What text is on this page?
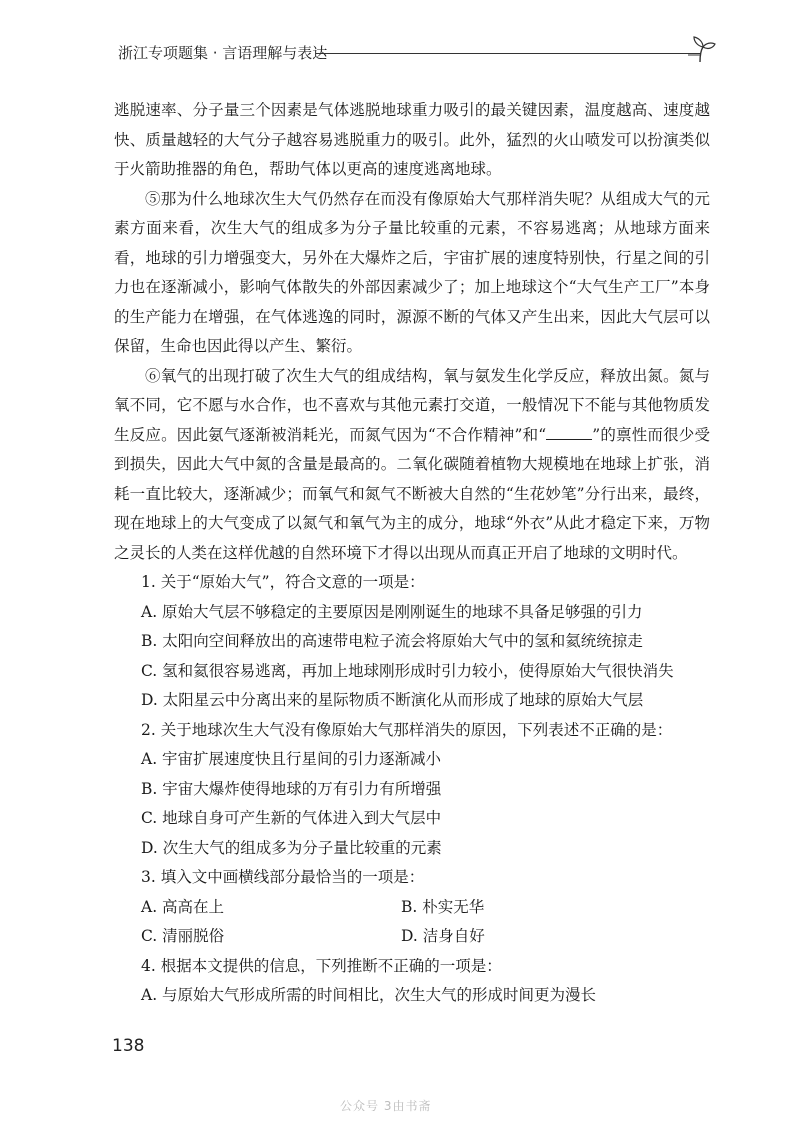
浙江专项题集 · 言语理解与表达

逃脱速率、分子量三个因素是气体逃脱地球重力吸引的最关键因素，温度越高、速度越快、质量越轻的大气分子越容易逃脱重力的吸引。此外，猛烈的火山喷发可以扮演类似于火箭助推器的角色，帮助气体以更高的速度逃离地球。

⑤那为什么地球次生大气仍然存在而没有像原始大气那样消失呢？从组成大气的元素方面来看，次生大气的组成多为分子量比较重的元素，不容易逃离；从地球方面来看，地球的引力增强变大，另外在大爆炸之后，宇宙扩展的速度特别快，行星之间的引力也在逐渐减小，影响气体散失的外部因素减少了；加上地球这个“大气生产工厂”本身的生产能力在增强，在气体逃逸的同时，源源不断的气体又产生出来，因此大气层可以保留，生命也因此得以产生、繁衍。

⑥氧气的出现打破了次生大气的组成结构，氧与氨发生化学反应，释放出氮。氮与氧不同，它不愿与水合作，也不喜欢与其他元素打交道，一般情况下不能与其他物质发生反应。因此氨气逐渐被消耗光，而氮气因为“不合作精神”和“	”的禀性而很少受到损失，因此大气中氮的含量是最高的。二氧化碳随着植物大规模地在地球上扩张，消耗一直比较大，逐渐减少；而氧气和氮气不断被大自然的“生花妙笔”分行出来，最终，现在地球上的大气变成了以氮气和氧气为主的成分，地球“外衣”从此才稳定下来，万物之灵长的人类在这样优越的自然环境下才得以出现从而真正开启了地球的文明时代。

1. 关于“原始大气”，符合文意的一项是：
A. 原始大气层不够稳定的主要原因是刚刚诞生的地球不具备足够强的引力
B. 太阳向空间释放出的高速带电粒子流会将原始大气中的氢和氦统统掠走
C. 氢和氦很容易逃离，再加上地球刚形成时引力较小，使得原始大气很快消失
D. 太阳星云中分离出来的星际物质不断演化从而形成了地球的原始大气层
2. 关于地球次生大气没有像原始大气那样消失的原因，下列表述不正确的是：
A. 宇宙扩展速度快且行星间的引力逐渐减小
B. 宇宙大爆炸使得地球的万有引力有所增强
C. 地球自身可产生新的气体进入到大气层中
D. 次生大气的组成多为分子量比较重的元素
3. 填入文中画横线部分最恰当的一项是：
A. 高高在上	B. 朴实无华
C. 清丽脱俗	D. 洁身自好
4. 根据本文提供的信息，下列推断不正确的一项是：
A. 与原始大气形成所需的时间相比，次生大气的形成时间更为漫长
138
公众号 3由书斋
